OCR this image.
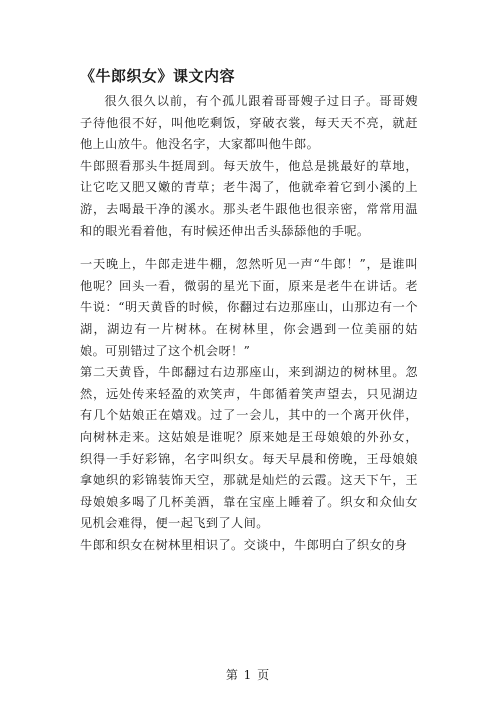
《牛郎织女》课文内容

很久很久以前，有个孤儿跟着哥哥嫂子过日子。哥哥嫂子待他很不好，叫他吃剩饭，穿破衣裳，每天天不亮，就赶他上山放牛。他没名字，大家都叫他牛郎。

牛郎照看那头牛挺周到。每天放牛，他总是挑最好的草地，让它吃又肥又嫩的青草；老牛渴了，他就牵着它到小溪的上游，去喝最干净的溪水。那头老牛跟他也很亲密，常常用温和的眼光看着他，有时候还伸出舌头舔舔他的手呢。

一天晚上，牛郎走进牛棚，忽然听见一声“牛郎！”，是谁叫他呢？回头一看，微弱的星光下面，原来是老牛在讲话。老牛说：“明天黄昏的时候，你翻过右边那座山，山那边有一个湖，湖边有一片树林。在树林里，你会遇到一位美丽的姑娘。可别错过了这个机会呀！”

第二天黄昏，牛郎翻过右边那座山，来到湖边的树林里。忽然，远处传来轻盈的欢笑声，牛郎循着笑声望去，只见湖边有几个姑娘正在嬉戏。过了一会儿，其中的一个离开伙伴，向树林走来。这姑娘是谁呢？原来她是王母娘娘的外孙女，织得一手好彩锦，名字叫织女。每天早晨和傍晚，王母娘娘拿她织的彩锦装饰天空，那就是灿烂的云霞。这天下午，王母娘娘多喝了几杯美酒，靠在宝座上睡着了。织女和众仙女见机会难得，便一起飞到了人间。

牛郎和织女在树林里相识了。交谈中，牛郎明白了织女的身

第 1 页
